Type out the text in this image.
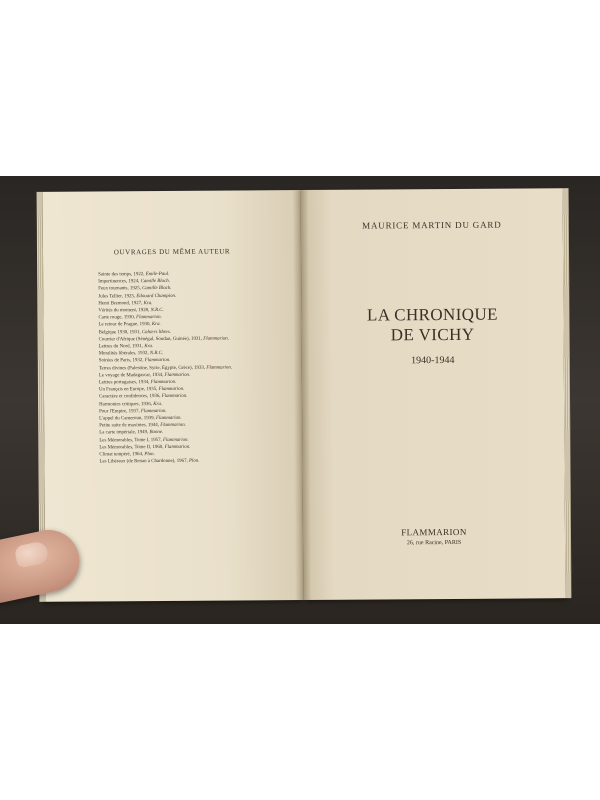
OUVRAGES DU MÊME AUTEUR
Sainte des temps, 1922, Émile-Paul.
Impertinences, 1924, Camille Bloch.
Feux tournants, 1925, Camille Bloch.
Jules Tellier, 1925, Édouard Champion.
Henri Bremond, 1927, Kra.
Vérités du moment, 1928, N.R.C.
Carte rouge, 1930, Flammarion.
Le retour de Prague, 1930, Kra.
Belgique 1930, 1931, Cahiers libres.
Courrier d'Afrique (Sénégal, Soudan, Guinée), 1931, Flammarion.
Lettres du Nord, 1931, Kra.
Moralités libérales, 1932, N.R.C.
Soirées de Paris, 1932, Flammarion.
Terres divines (Palestine, Syrie, Égypte, Grèce), 1933, Flammarion.
Le voyage de Madagascar, 1934, Flammarion.
Lettres portugaises, 1934, Flammarion.
Un Français en Europe, 1935, Flammarion.
Caractère et confidences, 1936, Flammarion.
Harmonies critiques, 1936, Kra.
Pour l'Empire, 1937, Flammarion.
L'appel du Cameroun, 1939, Flammarion.
Petite suite de maximes, 1944, Flammarion.
La carte impériale, 1949, Bonne.
Les Mémorables, Tome I, 1957, Flammarion.
Les Mémorables, Tome II, 1960, Flammarion.
Climat tempéré, 1964, Plon.
Les Libéraux (de Renan à Chardonne), 1967, Plon.
MAURICE MARTIN DU GARD
LA CHRONIQUE
DE VICHY
1940-1944
FLAMMARION
26, rue Racine, PARIS
